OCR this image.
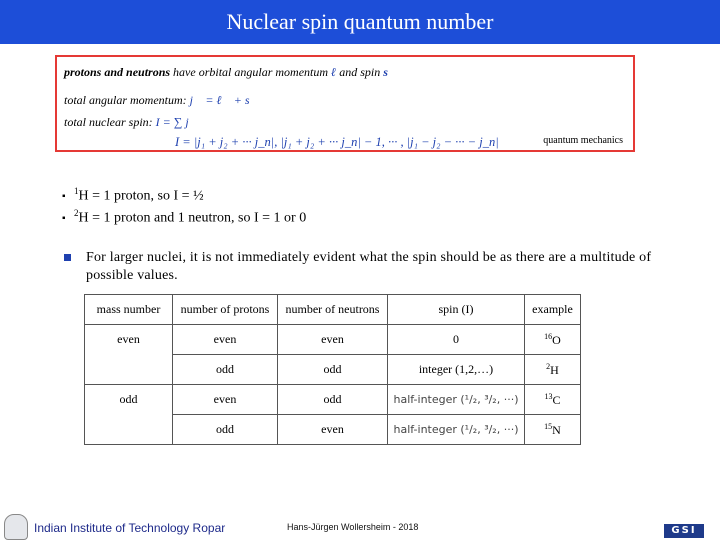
Nuclear spin quantum number
protons and neutrons have orbital angular momentum ℓ and spin s
total angular momentum: j⃗ = ℓ⃗ + s⃗
total nuclear spin: I = ∑ j
I = |j₁ + j₂ + ··· j_n|, |j₁ + j₂ + ··· j_n| − 1, ··· , |j₁ − j₂ − ··· − j_n|	quantum mechanics
▪ $^1$H = 1 proton, so I = ½
▪ $^2$H = 1 proton and 1 neutron, so I = 1 or 0
For larger nuclei, it is not immediately evident what the spin should be as there are a multitude of possible values.
mass number	number of protons	number of neutrons	spin (I)	example
even	even	even	0	$^{16}$O
	odd	odd	integer (1,2,…)	$^2$H
odd	even	odd	half-integer (¹/₂, ³/₂, ···)	$^{13}$C
	odd	even	half-integer (¹/₂, ³/₂, ···)	$^{15}$N
Indian Institute of Technology Ropar	Hans-Jürgen Wollersheim - 2018	GSI
